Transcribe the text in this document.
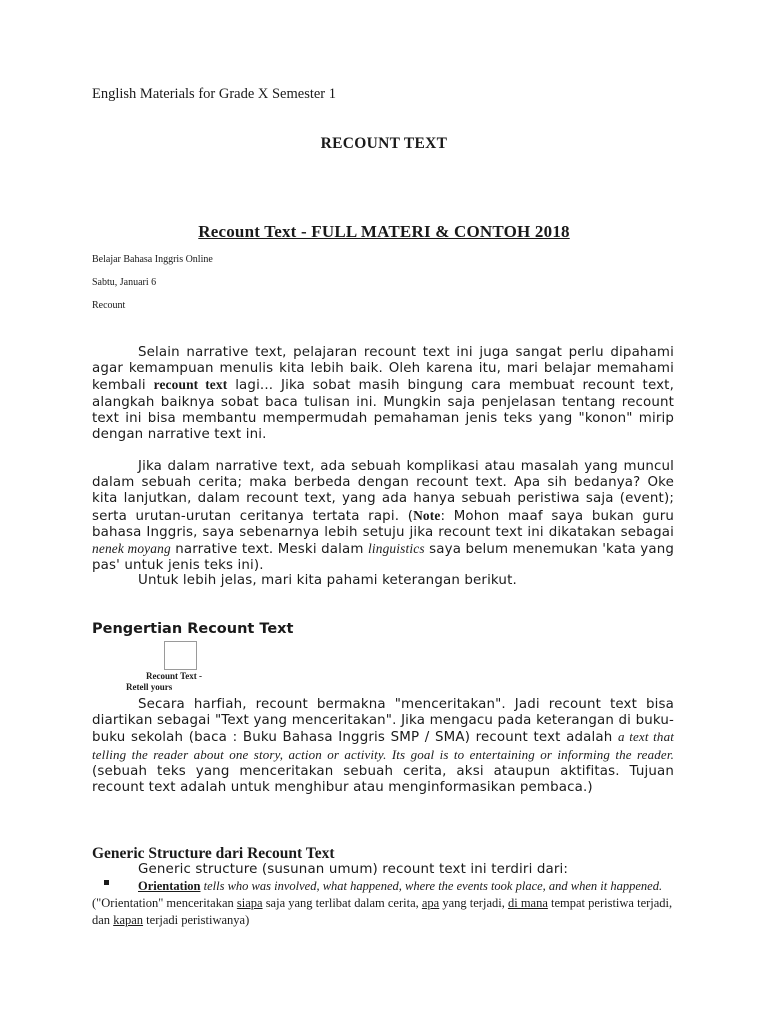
English Materials for Grade X Semester 1
RECOUNT TEXT
Recount Text - FULL MATERI & CONTOH 2018
Belajar Bahasa Inggris Online
Sabtu, Januari 6
Recount
Selain narrative text, pelajaran recount text ini juga sangat perlu dipahami agar kemampuan menulis kita lebih baik. Oleh karena itu, mari belajar memahami kembali recount text lagi... Jika sobat masih bingung cara membuat recount text, alangkah baiknya sobat baca tulisan ini. Mungkin saja penjelasan tentang recount text ini bisa membantu mempermudah pemahaman jenis teks yang "konon" mirip dengan narrative text ini.
Jika dalam narrative text, ada sebuah komplikasi atau masalah yang muncul dalam sebuah cerita; maka berbeda dengan recount text. Apa sih bedanya? Oke kita lanjutkan, dalam recount text, yang ada hanya sebuah peristiwa saja (event); serta urutan-urutan ceritanya tertata rapi. (Note: Mohon maaf saya bukan guru bahasa Inggris, saya sebenarnya lebih setuju jika recount text ini dikatakan sebagai nenek moyang narrative text. Meski dalam linguistics saya belum menemukan 'kata yang pas' untuk jenis teks ini).
Untuk lebih jelas, mari kita pahami keterangan berikut.
Pengertian Recount Text
Recount Text -
Retell yours
Secara harfiah, recount bermakna "menceritakan". Jadi recount text bisa diartikan sebagai "Text yang menceritakan". Jika mengacu pada keterangan di buku-buku sekolah (baca : Buku Bahasa Inggris SMP / SMA) recount text adalah a text that telling the reader about one story, action or activity. Its goal is to entertaining or informing the reader.(sebuah teks yang menceritakan sebuah cerita, aksi ataupun aktifitas. Tujuan recount text adalah untuk menghibur atau menginformasikan pembaca.)
Generic Structure dari Recount Text
Generic structure (susunan umum) recount text ini terdiri dari:
Orientation tells who was involved, what happened, where the events took place, and when it happened. ("Orientation" menceritakan siapa saja yang terlibat dalam cerita, apa yang terjadi, di mana tempat peristiwa terjadi, dan kapan terjadi peristiwanya)
